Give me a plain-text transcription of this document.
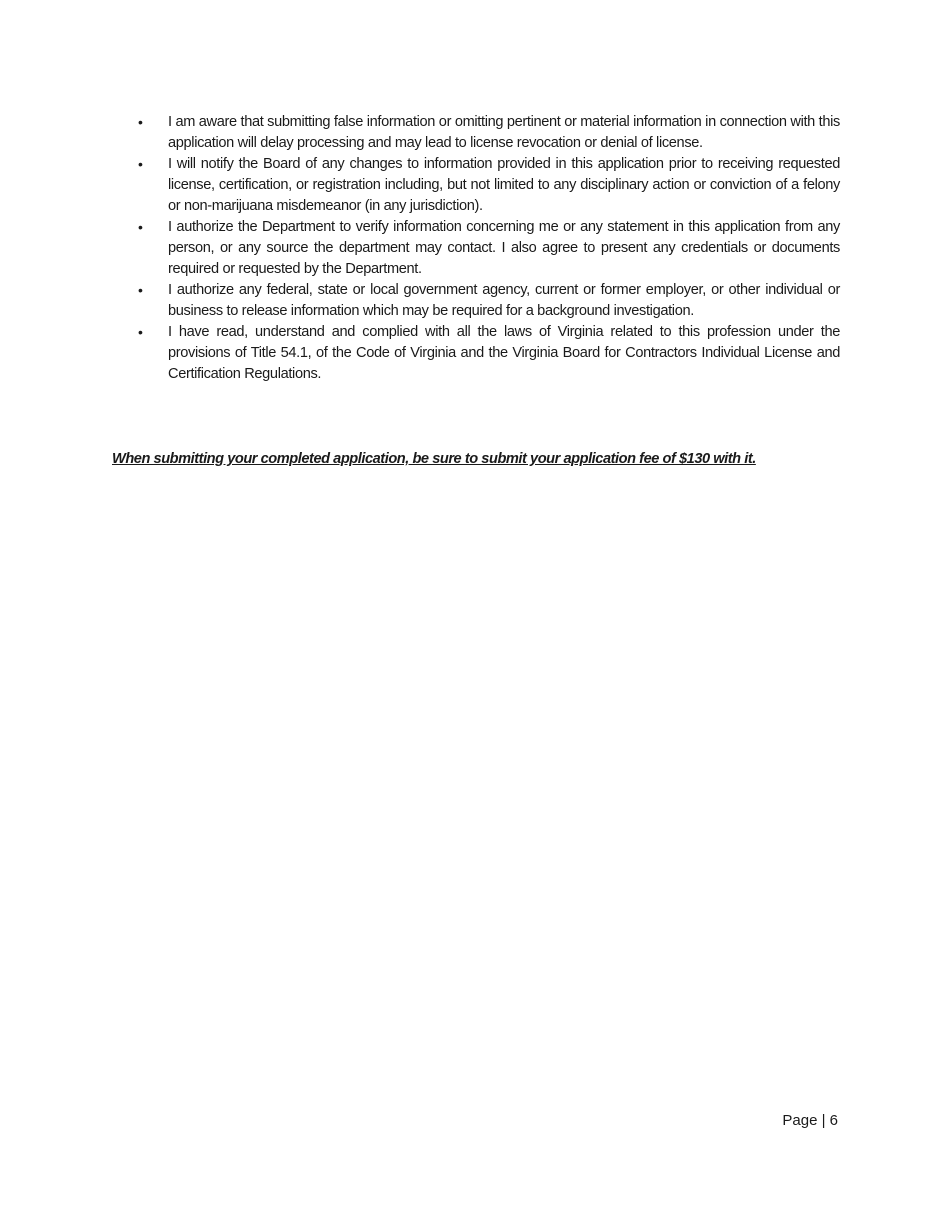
• I am aware that submitting false information or omitting pertinent or material information in connection with this application will delay processing and may lead to license revocation or denial of license.
• I will notify the Board of any changes to information provided in this application prior to receiving requested license, certification, or registration including, but not limited to any disciplinary action or conviction of a felony or non-marijuana misdemeanor (in any jurisdiction).
• I authorize the Department to verify information concerning me or any statement in this application from any person, or any source the department may contact. I also agree to present any credentials or documents required or requested by the Department.
• I authorize any federal, state or local government agency, current or former employer, or other individual or business to release information which may be required for a background investigation.
• I have read, understand and complied with all the laws of Virginia related to this profession under the provisions of Title 54.1, of the Code of Virginia and the Virginia Board for Contractors Individual License and Certification Regulations.
When submitting your completed application, be sure to submit your application fee of $130 with it.
Page | 6
